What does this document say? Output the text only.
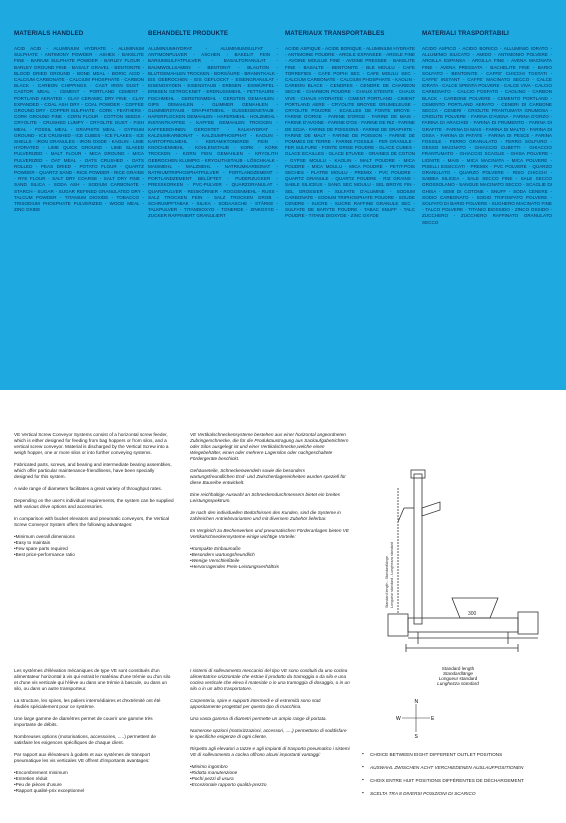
MATERIALS HANDLED

ACID ACID - ALUMINIUM HYDRATE - ALUMINIUM SULPHATE - ANTIMONY POWDER - ASHES - BAKELITE FINE - BARIUM SULPHATE POWDER - BARLEY FLOUR - BARLEY GROUND FINE - BASALT GRAVEL - BENTONITE - BLOOD DRIED GROUND - BONE MEAL - BORIC ACID - CALCIUM CARBONATE - CALCIUM PHOSPHATE - CARBON BLACK - CARBON CHIPPINGS - CAST IRON DUST - CASTOR MEAL - CEMENT - PORTLAND CEMENT - PORTLAND AERATED - CLAY CERAMIC DRY FINE - CLAY EXPANDED - COAL ASH DRY - COAL POWDER - COFFEE GROUND DRY - COPPER SULPHATE - CORK - FEATHERS - CORK GROUND FINE - CORN FLOUR - COTTON SEEDS - CRYOLITE - CRUSHED LUMPY - CRYOLITE DUST - FISH MEAL - FOSSIL MEAL - GRAPHITE MEAL - GYPSUM GROUND - ICE CRUSHED - ICE CUBES - ICE FLAKES - ICE SHELLS - IRON GRANULES - IRON OXIDE - KAOLIN - LIME HYDRATED - LIME QUICK GROUND - LIME SLAKED PULVERIZED - MALT FLOUR - MICA GROUND - MICA PULVERIZED - OAT MEAL - OATS CRUSHED - OATS ROLLED - PEAS DRIED - POTATO FLOUR - QUARTZ POWDER - QUARTZ SAND - RICE POWDER - RICE GRAINS - RYE FLOUR - SALT DRY COARSE - SALT DRY FINE - SAND SILICA - SODA ASH - SODIUM CARBONATE - STARCH - SUGAR - SUGAR REFINED GRANULATED DRY - TALCUM POWDER - TITANIUM DIOXIDE - TOBACCO - TRISODIUM PHOSPHATE PULVERIZED - WOOD MEAL - ZINC OXIDE

BEHANDELTE PRODUKTE

ALUMINIUMHYDRAT - ALUMINIUMSULFAT - ANTIMONPULVER - ASCHEN - BAKELIT FEIN - BARIUMSULFATPULVER - BASALTGRANULAT - BAUMWOLLSAMEN - BENTONIT - BLAUTON - BLUTGEMAHLEN TROCKEN - BORSÄURE - BRANNTKALK - EIS GEBROCHEN - EIS GEFLOCKT - EISENGRANULAT - EISENOXYDEN - EISENSTAUB - ERBSEN - EISWÜRFEL - ERBSEN GETROCKNET - ERDNUSSMEHL - FETTSAURE - FISCHMEHL - GERSTENMEHL - GERSTEN GEMAHLEN - GIPS GEMAHLEN - GLIMMER GEMAHLEN - GLIMMERSTAUB - GRAPHITMEHL - GUSSEISENSTAUB - HAFERFLOCKEN GEMAHLEN - HAFERMEHL - HOLZMEHL - INSTANTKAFFEE - KAFFEE GEMAHLEN TROCKEN - KAFFEEBOHNEN GEROSTET - KALKHYDRAT - KALZIUMKARBONAT - KALZIUMPHOSPHAT - KAOLIN - KARTOFFELMEHL - KERAMIKTONERDE FEIN - KNOCHENMEHL - KOHLENSTAUB - KORK - KORK TROCKEN - KORN FEIN GEMAHLEN - KRYOLITH GEBROCHEN KLUMPIG - KRYOLITHSTAUB - LÖSCHKALK - MAISMEHL - MALZMEHL - NATRIUMKARBONAT - NATRIUMTRIPHOSPHATPULVER - PORTLANDZEMENT - PORTLANDZEMENT BELÜFTET - PUDERZUCKER - PRESSKORKEN - PVC-PULVER - QUARZGRANULAT - QUARZPULVER - REISKÖRNER - ROGGENMEHL - RUSS - SALZ TROCKEN FEIN - SALZ TROCKEN GROB - SCHRUMPFTABAK - SILIKA - SODAASCHE - STÄRKE - TALKPULVER - TITANDIOXYD - TONERDE - ZINKOXYD - ZUCKER RAFFINIERT GRANULIERT

MATERIAUX TRANSPORTABLES

ACIDE ASPIQUE - ACIDE BORIQUE - ALUMINIUM HYDRATE - ANTIMOINE POUDRE - ARGILE EXPANSEE - ARGILE FINE - AVOINE MOULUE FINE - AVOINE PRESSEE - BAKELITE FINE - BASALTE - BENTONITE - BLE MOULU - CAFE TORREFIES - CAFE POPHI SEC - CAFE MOULU SEC - CALCIUM CARBONATE - CALCIUM PHOSPHATE - KAOLIN - CARBON BLACK - CENDRES - CENDRE DE CHARBON SECHE - CHARBON POUDRE - CHAUX ETEINTE - CHAUX VIVE - CHAUX HYDRATEE - CIMENT PORTLAND - CIMENT PORTLAND AERE - CRYOLITE BROYEE GRUMELEUSE - CRYOLITE POUDRE - ECAILLES DE FONTE BROYE - FARINE D'ORGE - FARINE D'ORGE - FARINE DE MAIS - FARINE D'AVOINE - FARINE D'OS - FARINE DE RIZ - FARINE DE SOJA - FARINE DE POISSONS - FARINE DE GRAPHITE - FARINE DE MALT - FARINE DE POISSON - FARINE DE POMMES DE TERRE - FARINE FOSSILE - FER GRANULE - FER SULFURE - FONTE GRISE POUDRE - GLACE CUBES - GLACE ECAILLES - GLACE ETUVEE - GRAINES DE COTON - GYPSE MOULU - KAOLIN - MALT POUDRE - MICA POUDRE - MICA MOULU - MICA POUDRE - PETIT-POIS SECHES - PLATRE MOULU - PREMIX - PVC POUDRE - QUARTZ GRANULE - QUARTZ POUDRE - RIZ GRAINS - SABLE SILICEUX - SANG SEC MOULU - SEL BROYE FIN - SEL GROSSIER - SULFATE D'ALUMINE - SODIUM CARBONATE - SODIUM TRIPHOSPHATE POUDRE - SOUDE CENDRE - SUCRE - SUCRE RAFFINE GRANULE SEC - SULFATE DE BARYTE POUDRE - TABAC SNUFF - TALC POUDRE - TITANE DIOXYDE - ZINC OXYDE

MATERIALI TRASPORTABILI

ACIDO ASPICO - ACIDO BORICO - ALLUMINIO IDRATO - ALLUMINIO SILICATO - AMIDO - ANTIMONIO POLVERE - ARGILLA ESPANSA - ARGILLA FINE - AVENA MACINATA FINE - AVENA PRESSATA - BACHELITE FINE - BARIO SOLFATO - BENTONITE - CAFFE' CHICCHI TOSTATI - CAFFE' INSTANT - CAFFE' MACINATO SECCO - CALCE IDRATA - CALCE SPENTA POLVERE - CALCE VIVA - CALCIO CARBONATO - CALCIO FOSFATO - CAOLINO - CARBON BLACK - CARBONE POLVERE - CEMENTO PORTLAND - CEMENTO PORTLAND AERATO - CENERI DI CARBONE SECCA - CENERI - CRIOLITE FRANTUMATA GRUMOSA - CRIOLITE POLVERE - FARINA D'AVENA - FARINA D'ORZO - FARINA DI ARACHIDI - FARINA DI FRUMENTO - FARINA DI GRAFITE - FARINA DI MAIS - FARINA DI MALTO - FARINA DI OSSA - FARINA DI PATATE - FARINA DI PESCE - FARINA FOSSILE - FERRO GRANULATO - FERRO SOLFURO - GESSO MACINATO - GHIACCIO CUBETTI - GHIACCIO FRANTUMATO - GHIACCIO SCAGLIE - GHISA POLVERE - LIGNITE - MAIS - MICA MACINATA - MICA POLVERE - PISELLI ESSICCATI - PREMIX - PVC POLVERE - QUARZO GRANULATO - QUARZO POLVERE - RISO CHICCHI - SABBIA SILICEA - SALE SECCO FINE - SALE SECCO GROSSOLANO - SANGUE MACINATO SECCO - SCAGLIE DI GHISA - SEMI DI COTONE - SNUFF - SODA CENERE - SODIO CARBONATO - SODIO TRIFOSFATO POLVERE - SOLFATO DI BARIO POLVERE - SUGHERO MACINATO FINE - TALCO POLVERE - TITANIO BIOSSIDO - ZINCO OSSIDO - ZUCCHERO - ZUCCHERO RAFFINATO GRANULATO SECCO

VE Vertical Screw Conveyor Systems consist of a horizontal screw feeder, which is either designed for feeding from bag hoppers or from silos, and a vertical screw conveyor. Material is discharged by the Vertical Screw into a weigh hopper, one or more silos or into further conveying systems.

Fabricated parts, screws, and bearing and intermediate bearing assemblies, which offer particular maintenance-friendliness, have been specially designed for this system.

A wide range of diameters facilitates a great variety of throughput rates.

Depending on the user's individual requirements, the system can be supplied with various drive options and accessories.

In comparison with bucket elevators and pneumatic conveyors, the Vertical Screw Conveyor System offers the following advantages:

• Minimum overall dimensions
• Easy to maintain
• Few spare parts required
• Best price-performance ratio

VE Vertikalschneckensysteme bestehen aus einer horizontal angeordneten Zubringerschnecke, die für die Produktaustragung aus Sackaufgabetrichtern oder Silos ausgelegt ist und einer Vertikalschnecke,welche einen Wiegebehälter, einen oder mehrere Lagersilos oder nachgeschaltete Fördergeräte beschickt.

Gehäuseteile, Schneckenwendeln sowie die besonders wartungsfreundlichen End- und Zwischenlagereinheiten wurden speziell für diese Baureihe entwickelt.

Eine reichhaltige Auswahl an Schneckendurchmessern bietet ein breites Leistungsspektrum.

Je nach den individuellen Bedürfnissen des Kunden, sind die Systeme in zahlreichen Antriebsvarianten und mit diversem Zubehör lieferbar.

Im Vergleich zu Becherwerken und pneumatischen Förderanlagen bieten VE Vertikalschneckensysteme einige wichtige Vorteile:

• Kompakte Einbaumaße
• Besonders wartungsfreundlich
• Wenige Verschleißteile
• Hervorragendes Preis-Leistungsverhältnis

Les systèmes d'élévation mécaniques de type VE sont constitués d'un alimentateur horizontal à vis qui extrait le matériau d'une trémie ou d'un silo et d'une vis verticale qui l'élève ou dans une trémie à bascule, ou dans un silo, ou dans un autre transporteur.

La structure, les spires, les paliers intermédiaires et d'extrémité ont été étudiés spécialement pour ce système.

Une large gamme de diamètres permet de couvrir une gamme très importante de débits.

Nombreuses options (motorisations, accessoires, .....) permettent de satisfaire les exigences spécifiques de chaque client.

Par rapport aux élévateurs à godets et aux systèmes de transport pneumatique les vis verticales VE offrent d'importants avantages:

• Encombrement minimum
• Entretien réduit
• Peu de pièces d'usure
• Rapport qualité-prix exceptionnel

I sistemi di sollevamento meccanici del tipo VE sono costituiti da uno coclea alimentatrice orizzontale che estrae il prodotto da tramoggia o da silo e una coclea verticale che eleva il materiale o in una tramoggia di dosaggio, o in un silo o in un altro trasportatore.

Carpenteria, spire e supporti intermedi e di estremità sono stati appositamente progettati per questo tipo di macchina.

Una vasta gamma di diametri permette un ampio range di portata.

Numerose opzioni (motorizzazioni, accessori, .....) permettono di soddisfare le specifiche esigenze di ogni cliente.

Rispetto agli elevatori a tazze e agli impianti di trasporto pneumatico i sistemi VE di sollevamento a coclea offrono alcuni importanti vantaggi:

• Minimo ingombro
• Ridotta manutenzione
• Pochi pezzi di usura
• Eccezionale rapporto qualità-prezzo
300
Standard length - Standardlänge Longueur standard - Lunghezza standard
Standard length
Standardlänge
Longueur standard
Lunghezza standard
N
E
S
W
▪ CHOICE BETWEEN EIGHT DIFFERENT OUTLET POSITIONS
▪ AUSWAHL ZWISCHEN ACHT VERCHIEDENEN AUSLAUFPOSITIONEN
▪ CHOIX ENTRE HUIT POSITIONS DIFFÉRENTES DE DÉCHARGEMENT
▪ SCELTA TRA 8 DIVERSI POSIZIONI DI SCARICO
